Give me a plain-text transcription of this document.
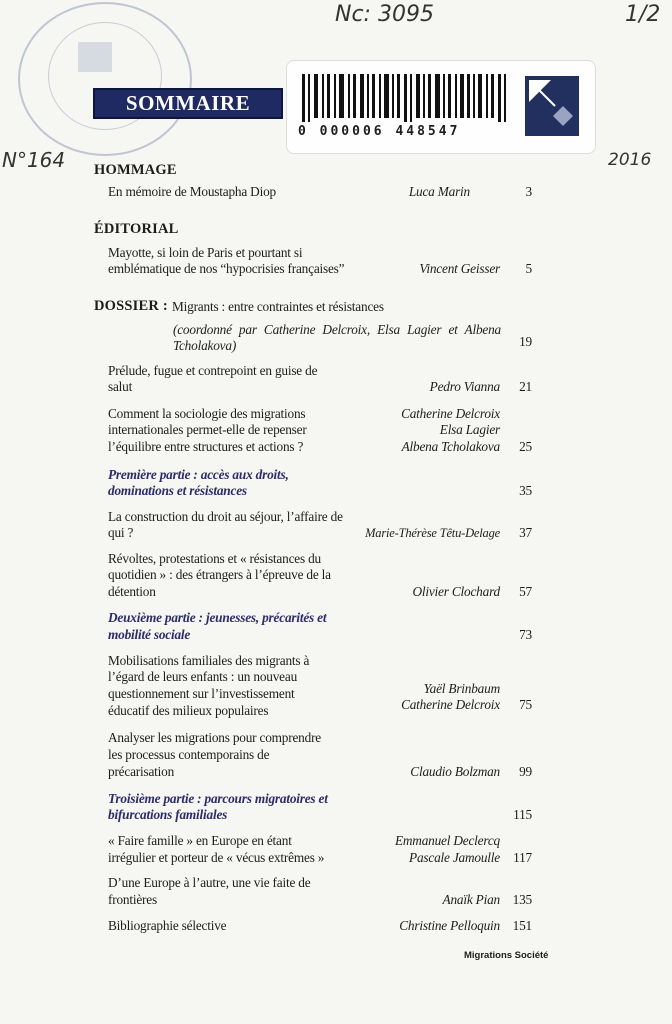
Nc: 3095	1/2
N°164	2016
SOMMAIRE
0 000006 448547
HOMMAGE
En mémoire de Moustapha Diop	Luca Marin	3
ÉDITORIAL
Mayotte, si loin de Paris et pourtant si
emblématique de nos “hypocrisies françaises”	Vincent Geisser	5
DOSSIER : Migrants : entre contraintes et résistances
(coordonné par Catherine Delcroix, Elsa Lagier et Albena
Tcholakova)	19
Prélude, fugue et contrepoint en guise de
salut	Pedro Vianna	21
Comment la sociologie des migrations
internationales permet-elle de repenser
l’équilibre entre structures et actions ?
Catherine Delcroix
Elsa Lagier
Albena Tcholakova	25
Première partie : accès aux droits,
dominations et résistances	35
La construction du droit au séjour, l’affaire de
qui ?	Marie-Thérèse Têtu-Delage	37
Révoltes, protestations et « résistances du
quotidien » : des étrangers à l’épreuve de la
détention	Olivier Clochard	57
Deuxième partie : jeunesses, précarités et
mobilité sociale	73
Mobilisations familiales des migrants à
l’égard de leurs enfants : un nouveau
questionnement sur l’investissement
éducatif des milieux populaires
Yaël Brinbaum
Catherine Delcroix	75
Analyser les migrations pour comprendre
les processus contemporains de
précarisation	Claudio Bolzman	99
Troisième partie : parcours migratoires et
bifurcations familiales	115
« Faire famille » en Europe en étant
irrégulier et porteur de « vécus extrêmes »
Emmanuel Declercq
Pascale Jamoulle 117
D’une Europe à l’autre, une vie faite de
frontières	Anaïk Pian 135
Bibliographie sélective	Christine Pelloquin 151
Migrations Société
